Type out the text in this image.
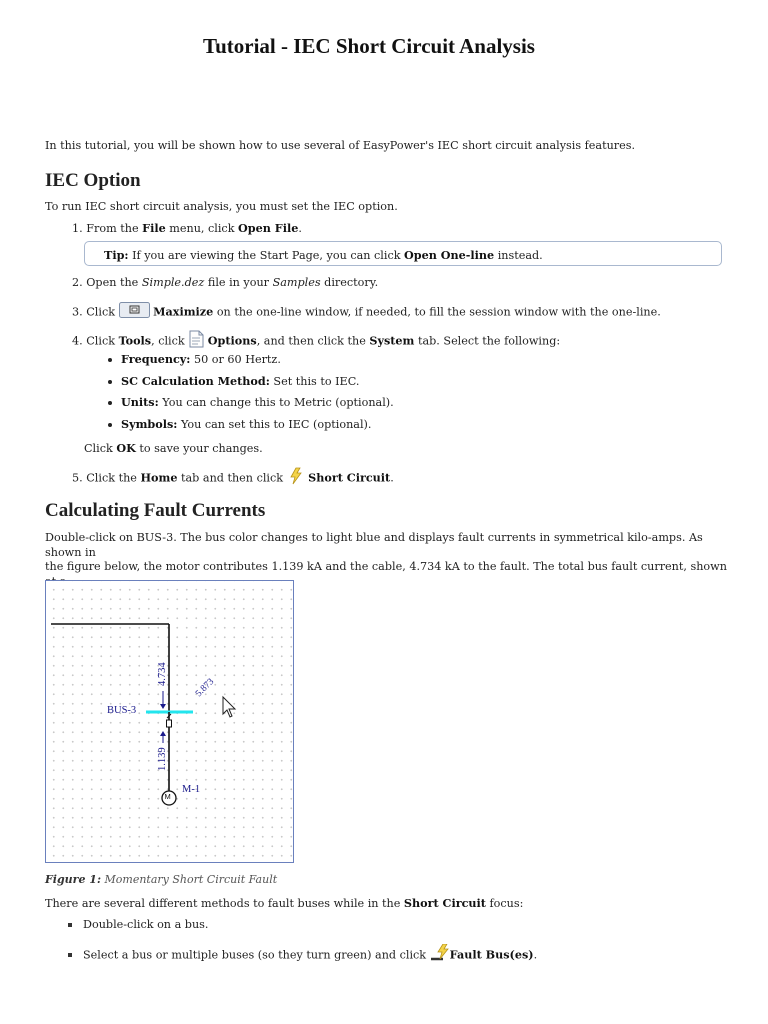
Tutorial - IEC Short Circuit Analysis
In this tutorial, you will be shown how to use several of EasyPower's IEC short circuit analysis features.
IEC Option
To run IEC short circuit analysis, you must set the IEC option.
1. From the File menu, click Open File.
Tip: If you are viewing the Start Page, you can click Open One-line instead.
2. Open the Simple.dez file in your Samples directory.
3. Click	Maximize on the one-line window, if needed, to fill the session window with the one-line.
4. Click Tools, click  Options, and then click the System tab. Select the following:
Frequency: 50 or 60 Hertz.
SC Calculation Method: Set this to IEC.
Units: You can change this to Metric (optional).
Symbols: You can set this to IEC (optional).
Click OK to save your changes.
5. Click the Home tab and then click  Short Circuit.
Calculating Fault Currents
Double-click on BUS-3. The bus color changes to light blue and displays fault currents in symmetrical kilo-amps. As shown in
the figure below, the motor contributes 1.139 kA and the cable, 4.734 kA to the fault. The total bus fault current, shown
BUS-3
4.734
1.139
5.873
M
M-1
Figure 1: Momentary Short Circuit Fault
There are several different methods to fault buses while in the Short Circuit focus:
Double-click on a bus.
Select a bus or multiple buses (so they turn green) and click Fault Bus(es).
